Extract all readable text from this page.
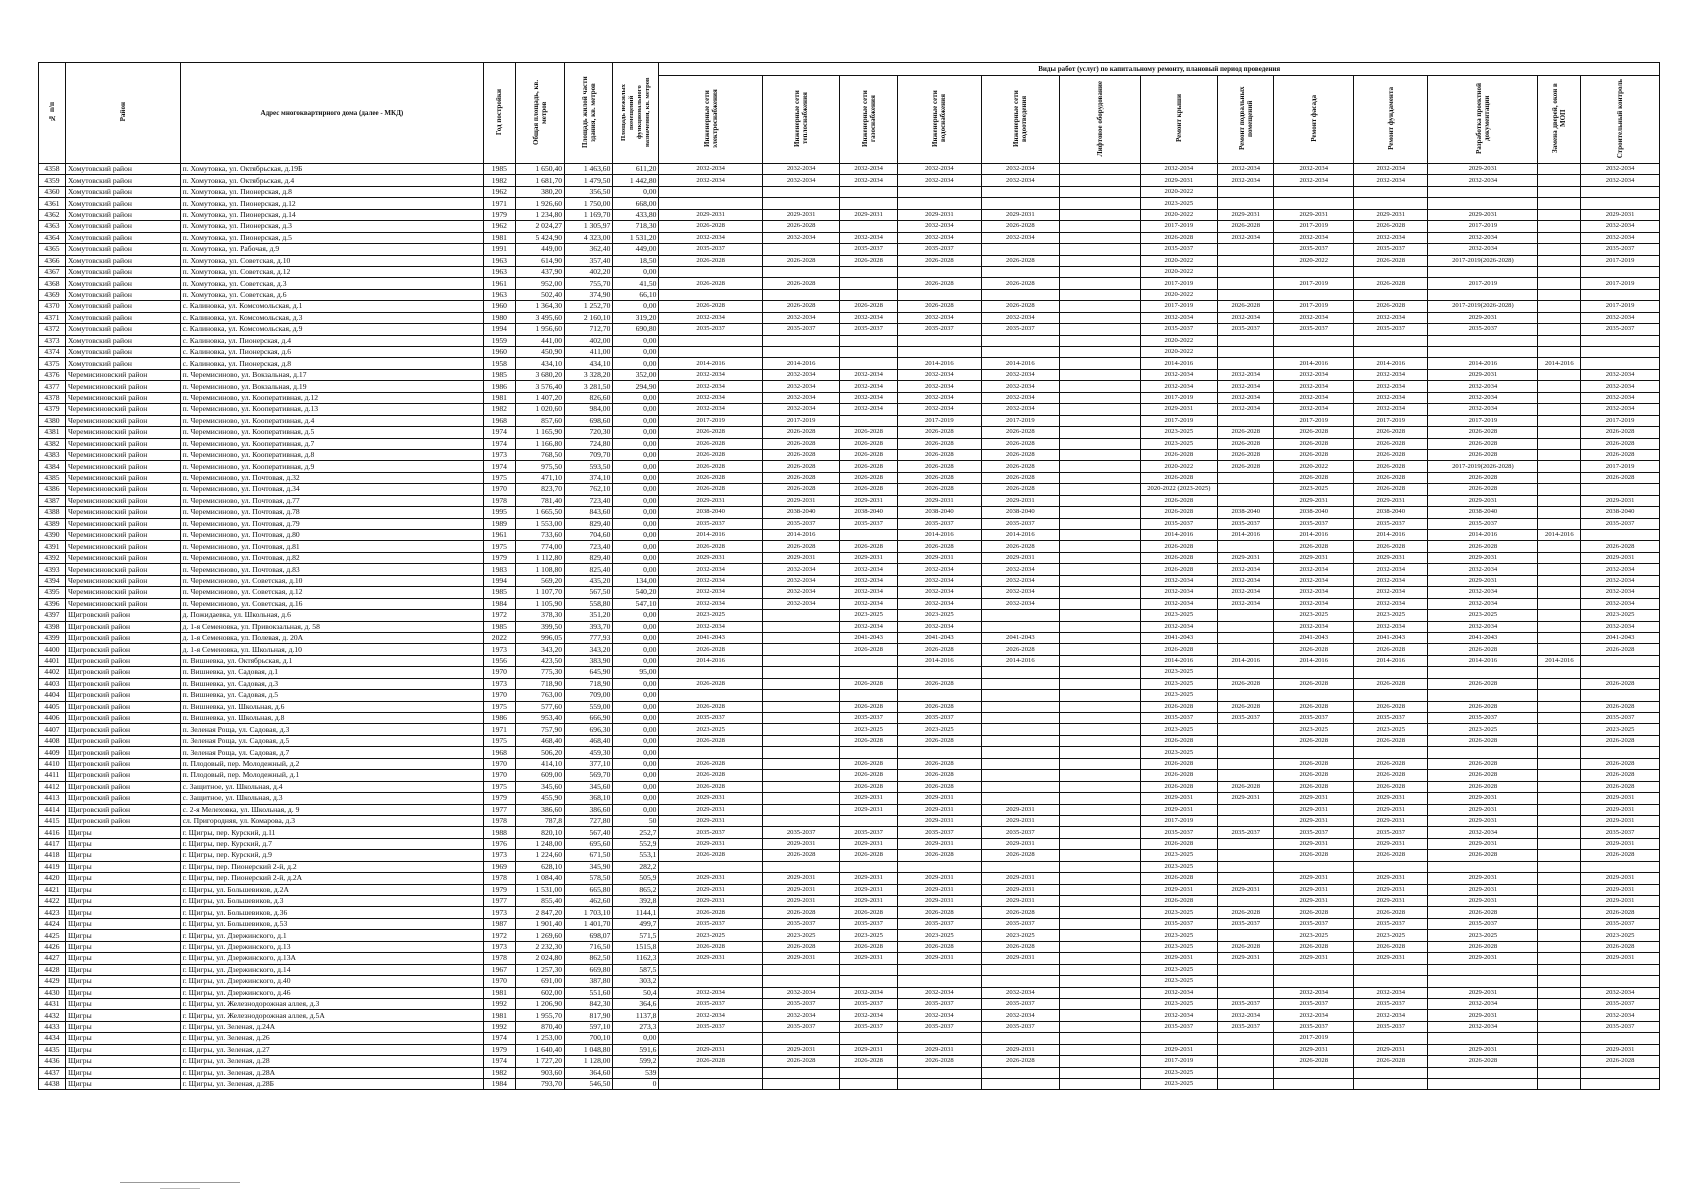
№ п/п	Район	Адрес многоквартирного дома (далее - МКД)	Год постройки	Общая площадь, кв. метров	Площадь жилой части здания, кв. метров	Площадь нежилых помещений функционального назначения, кв. метров	Виды работ (услуг) по капитальному ремонту, плановый период проведения												
							Инженерные сети электроснабжения	Инженерные сети теплоснабжения	Инженерные сети газоснабжения	Инженерные сети водоснабжения	Инженерные сети водоотведения	Лифтовое оборудование	Ремонт крыши	Ремонт подвальных помещений	Ремонт фасада	Ремонт фундамента	Разработка проектной документации	Замена дверей, окон в МОП	Строительный контроль
4358	Хомутовский район	п. Хомутовка, ул. Октябрьская, д.19Б	1985	1 650,40	1 463,60	611,20	2032-2034	2032-2034	2032-2034	2032-2034	2032-2034		2032-2034	2032-2034	2032-2034	2032-2034	2029-2031		2032-2034
4359	Хомутовский район	п. Хомутовка, ул. Октябрьская, д.4	1982	1 681,70	1 479,50	1 442,80	2032-2034	2032-2034	2032-2034	2032-2034	2032-2034		2029-2031	2032-2034	2032-2034	2032-2034	2032-2034		2032-2034
4360	Хомутовский район	п. Хомутовка, ул. Пионерская, д.8	1962	380,20	356,50	0,00							2020-2022						
4361	Хомутовский район	п. Хомутовка, ул. Пионерская, д.12	1971	1 926,60	1 750,00	668,00							2023-2025						
4362	Хомутовский район	п. Хомутовка, ул. Пионерская, д.14	1979	1 234,80	1 169,70	433,80	2029-2031	2029-2031	2029-2031	2029-2031	2029-2031		2020-2022	2029-2031	2029-2031	2029-2031	2029-2031		2029-2031
4363	Хомутовский район	п. Хомутовка, ул. Пионерская, д.3	1962	2 024,27	1 305,97	718,30	2026-2028	2026-2028		2032-2034	2026-2028		2017-2019	2026-2028	2017-2019	2026-2028	2017-2019		2032-2034
4364	Хомутовский район	п. Хомутовка, ул. Пионерская, д.5	1981	5 424,90	4 323,00	1 531,20	2032-2034	2032-2034	2032-2034	2032-2034	2032-2034		2026-2028	2032-2034	2032-2034	2032-2034	2032-2034		2032-2034
4365	Хомутовский район	п. Хомутовка, ул. Рабочая, д.9	1991	449,00	362,40	449,00	2035-2037		2035-2037	2035-2037			2035-2037		2035-2037	2035-2037	2032-2034		2035-2037
4366	Хомутовский район	п. Хомутовка, ул. Советская, д.10	1963	614,90	357,40	18,50	2026-2028	2026-2028	2026-2028	2026-2028	2026-2028		2020-2022		2020-2022	2026-2028	2017-2019(2026-2028)		2017-2019
4367	Хомутовский район	п. Хомутовка, ул. Советская, д.12	1963	437,90	402,20	0,00							2020-2022						
4368	Хомутовский район	п. Хомутовка, ул. Советская, д.3	1961	952,00	755,70	41,50	2026-2028	2026-2028		2026-2028	2026-2028		2017-2019		2017-2019	2026-2028	2017-2019		2017-2019
4369	Хомутовский район	п. Хомутовка, ул. Советская, д.6	1963	502,40	374,90	66,10							2020-2022						
4370	Хомутовский район	с. Калиновка, ул. Комсомольская, д.1	1960	1 364,30	1 252,70	0,00	2026-2028	2026-2028	2026-2028	2026-2028	2026-2028		2017-2019	2026-2028	2017-2019	2026-2028	2017-2019(2026-2028)		2017-2019
4371	Хомутовский район	с. Калиновка, ул. Комсомольская, д.3	1980	3 495,60	2 160,10	319,20	2032-2034	2032-2034	2032-2034	2032-2034	2032-2034		2032-2034	2032-2034	2032-2034	2032-2034	2029-2031		2032-2034
4372	Хомутовский район	с. Калиновка, ул. Комсомольская, д.9	1994	1 956,60	712,70	690,80	2035-2037	2035-2037	2035-2037	2035-2037	2035-2037		2035-2037	2035-2037	2035-2037	2035-2037	2035-2037		2035-2037
4373	Хомутовский район	с. Калиновка, ул. Пионерская, д.4	1959	441,00	402,00	0,00							2020-2022						
4374	Хомутовский район	с. Калиновка, ул. Пионерская, д.6	1960	450,90	411,00	0,00							2020-2022						
4375	Хомутовский район	с. Калиновка, ул. Пионерская, д.8	1958	434,10	434,10	0,00	2014-2016	2014-2016		2014-2016	2014-2016		2014-2016		2014-2016	2014-2016	2014-2016	2014-2016	
4376	Черемисиновский район	п. Черемисиново, ул. Вокзальная, д.17	1985	3 680,20	3 328,20	352,00	2032-2034	2032-2034	2032-2034	2032-2034	2032-2034		2032-2034	2032-2034	2032-2034	2032-2034	2029-2031		2032-2034
4377	Черемисиновский район	п. Черемисиново, ул. Вокзальная, д.19	1986	3 576,40	3 281,50	294,90	2032-2034	2032-2034	2032-2034	2032-2034	2032-2034		2032-2034	2032-2034	2032-2034	2032-2034	2032-2034		2032-2034
4378	Черемисиновский район	п. Черемисиново, ул. Кооперативная, д.12	1981	1 407,20	826,60	0,00	2032-2034	2032-2034	2032-2034	2032-2034	2032-2034		2017-2019	2032-2034	2032-2034	2032-2034	2032-2034		2032-2034
4379	Черемисиновский район	п. Черемисиново, ул. Кооперативная, д.13	1982	1 020,60	984,00	0,00	2032-2034	2032-2034	2032-2034	2032-2034	2032-2034		2029-2031	2032-2034	2032-2034	2032-2034	2032-2034		2032-2034
4380	Черемисиновский район	п. Черемисиново, ул. Кооперативная, д.4	1968	857,60	698,60	0,00	2017-2019	2017-2019		2017-2019	2017-2019		2017-2019		2017-2019	2017-2019	2017-2019		2017-2019
4381	Черемисиновский район	п. Черемисиново, ул. Кооперативная, д.5	1974	1 165,90	720,30	0,00	2026-2028	2026-2028	2026-2028	2026-2028	2026-2028		2023-2025	2026-2028	2026-2028	2026-2028	2026-2028		2026-2028
4382	Черемисиновский район	п. Черемисиново, ул. Кооперативная, д.7	1974	1 166,80	724,80	0,00	2026-2028	2026-2028	2026-2028	2026-2028	2026-2028		2023-2025	2026-2028	2026-2028	2026-2028	2026-2028		2026-2028
4383	Черемисиновский район	п. Черемисиново, ул. Кооперативная, д.8	1973	768,50	709,70	0,00	2026-2028	2026-2028	2026-2028	2026-2028	2026-2028		2026-2028	2026-2028	2026-2028	2026-2028	2026-2028		2026-2028
4384	Черемисиновский район	п. Черемисиново, ул. Кооперативная, д.9	1974	975,50	593,50	0,00	2026-2028	2026-2028	2026-2028	2026-2028	2026-2028		2020-2022	2026-2028	2020-2022	2026-2028	2017-2019(2026-2028)		2017-2019
4385	Черемисиновский район	п. Черемисиново, ул. Почтовая, д.32	1975	471,10	374,10	0,00	2026-2028	2026-2028	2026-2028	2026-2028	2026-2028		2026-2028		2026-2028	2026-2028	2026-2028		2026-2028
4386	Черемисиновский район	п. Черемисиново, ул. Почтовая, д.34	1970	823,70	762,10	0,00	2026-2028	2026-2028	2026-2028	2026-2028	2026-2028		2020-2022 (2023-2025)		2023-2025	2026-2028	2026-2028		
4387	Черемисиновский район	п. Черемисиново, ул. Почтовая, д.77	1978	781,40	723,40	0,00	2029-2031	2029-2031	2029-2031	2029-2031	2029-2031		2026-2028		2029-2031	2029-2031	2029-2031		2029-2031
4388	Черемисиновский район	п. Черемисиново, ул. Почтовая, д.78	1995	1 665,50	843,60	0,00	2038-2040	2038-2040	2038-2040	2038-2040	2038-2040		2026-2028	2038-2040	2038-2040	2038-2040	2038-2040		2038-2040
4389	Черемисиновский район	п. Черемисиново, ул. Почтовая, д.79	1989	1 553,00	829,40	0,00	2035-2037	2035-2037	2035-2037	2035-2037	2035-2037		2035-2037	2035-2037	2035-2037	2035-2037	2035-2037		2035-2037
4390	Черемисиновский район	п. Черемисиново, ул. Почтовая, д.80	1961	733,60	704,60	0,00	2014-2016	2014-2016		2014-2016	2014-2016		2014-2016	2014-2016	2014-2016	2014-2016	2014-2016	2014-2016	
4391	Черемисиновский район	п. Черемисиново, ул. Почтовая, д.81	1975	774,00	723,40	0,00	2026-2028	2026-2028	2026-2028	2026-2028	2026-2028		2026-2028		2026-2028	2026-2028	2026-2028		2026-2028
4392	Черемисиновский район	п. Черемисиново, ул. Почтовая, д.82	1979	1 112,80	829,40	0,00	2029-2031	2029-2031	2029-2031	2029-2031	2029-2031		2026-2028	2029-2031	2029-2031	2029-2031	2029-2031		2029-2031
4393	Черемисиновский район	п. Черемисиново, ул. Почтовая, д.83	1983	1 108,80	825,40	0,00	2032-2034	2032-2034	2032-2034	2032-2034	2032-2034		2026-2028	2032-2034	2032-2034	2032-2034	2032-2034		2032-2034
4394	Черемисиновский район	п. Черемисиново, ул. Советская, д.10	1994	569,20	435,20	134,00	2032-2034	2032-2034	2032-2034	2032-2034	2032-2034		2032-2034	2032-2034	2032-2034	2032-2034	2029-2031		2032-2034
4395	Черемисиновский район	п. Черемисиново, ул. Советская, д.12	1985	1 107,70	567,50	540,20	2032-2034	2032-2034	2032-2034	2032-2034	2032-2034		2032-2034	2032-2034	2032-2034	2032-2034	2032-2034		2032-2034
4396	Черемисиновский район	п. Черемисиново, ул. Советская, д.16	1984	1 105,90	558,80	547,10	2032-2034	2032-2034	2032-2034	2032-2034	2032-2034		2032-2034	2032-2034	2032-2034	2032-2034	2032-2034		2032-2034
4397	Щигровский район	д. Пожидаевка, ул. Школьная, д.6	1972	378,30	351,20	0,00	2023-2025		2023-2025	2023-2025			2023-2025		2023-2025	2023-2025	2023-2025		2023-2025
4398	Щигровский район	д. 1-я Семеновка, ул. Привокзальная, д. 58	1985	399,50	393,70	0,00	2032-2034		2032-2034	2032-2034			2032-2034		2032-2034	2032-2034	2032-2034		2032-2034
4399	Щигровский район	д. 1-я Семеновка, ул. Полевая, д. 20А	2022	996,05	777,93	0,00	2041-2043		2041-2043	2041-2043	2041-2043		2041-2043		2041-2043	2041-2043	2041-2043		2041-2043
4400	Щигровский район	д. 1-я Семеновка, ул. Школьная, д.10	1973	343,20	343,20	0,00	2026-2028		2026-2028	2026-2028	2026-2028		2026-2028		2026-2028	2026-2028	2026-2028		2026-2028
4401	Щигровский район	п. Вишневка, ул. Октябрьская, д.1	1956	423,50	383,90	0,00	2014-2016			2014-2016	2014-2016		2014-2016	2014-2016	2014-2016	2014-2016	2014-2016	2014-2016	
4402	Щигровский район	п. Вишневка, ул. Садовая, д.1	1970	775,30	645,90	95,00							2023-2025						
4403	Щигровский район	п. Вишневка, ул. Садовая, д.3	1973	718,90	718,90	0,00	2026-2028		2026-2028	2026-2028			2023-2025	2026-2028	2026-2028	2026-2028	2026-2028		2026-2028
4404	Щигровский район	п. Вишневка, ул. Садовая, д.5	1970	763,00	709,00	0,00							2023-2025						
4405	Щигровский район	п. Вишневка, ул. Школьная, д.6	1975	577,60	559,00	0,00	2026-2028		2026-2028	2026-2028			2026-2028	2026-2028	2026-2028	2026-2028	2026-2028		2026-2028
4406	Щигровский район	п. Вишневка, ул. Школьная, д.8	1986	953,40	666,90	0,00	2035-2037		2035-2037	2035-2037			2035-2037	2035-2037	2035-2037	2035-2037	2035-2037		2035-2037
4407	Щигровский район	п. Зеленая Роща, ул. Садовая, д.3	1971	757,90	696,30	0,00	2023-2025		2023-2025	2023-2025			2023-2025		2023-2025	2023-2025	2023-2025		2023-2025
4408	Щигровский район	п. Зеленая Роща, ул. Садовая, д.5	1975	468,40	468,40	0,00	2026-2028		2026-2028	2026-2028			2026-2028		2026-2028	2026-2028	2026-2028		2026-2028
4409	Щигровский район	п. Зеленая Роща, ул. Садовая, д.7	1968	506,20	459,30	0,00							2023-2025						
4410	Щигровский район	п. Плодовый, пер. Молодежный, д.2	1970	414,10	377,10	0,00	2026-2028		2026-2028	2026-2028			2026-2028		2026-2028	2026-2028	2026-2028		2026-2028
4411	Щигровский район	п. Плодовый, пер. Молодежный, д.1	1970	609,00	569,70	0,00	2026-2028		2026-2028	2026-2028			2026-2028		2026-2028	2026-2028	2026-2028		2026-2028
4412	Щигровский район	с. Защитное, ул. Школьная, д.4	1975	345,60	345,60	0,00	2026-2028		2026-2028	2026-2028			2026-2028	2026-2028	2026-2028	2026-2028	2026-2028		2026-2028
4413	Щигровский район	с. Защитное, ул. Школьная, д.3	1979	455,90	368,10	0,00	2029-2031		2029-2031	2029-2031			2029-2031	2029-2031	2029-2031	2029-2031	2029-2031		2029-2031
4414	Щигровский район	с. 2-я Мелеховка, ул. Школьная, д. 9	1977	386,60	386,60	0,00	2029-2031		2029-2031	2029-2031	2029-2031		2029-2031		2029-2031	2029-2031	2029-2031		2029-2031
4415	Щигровский район	сл. Пригородняя, ул. Комарова, д.3	1978	787,8	727,80	50	2029-2031			2029-2031	2029-2031		2017-2019		2029-2031	2029-2031	2029-2031		2029-2031
4416	Щигры	г. Щигры, пер. Курский, д.11	1988	820,10	567,40	252,7	2035-2037	2035-2037	2035-2037	2035-2037	2035-2037		2035-2037	2035-2037	2035-2037	2035-2037	2032-2034		2035-2037
4417	Щигры	г. Щигры, пер. Курский, д.7	1976	1 248,00	695,60	552,9	2029-2031	2029-2031	2029-2031	2029-2031	2029-2031		2026-2028		2029-2031	2029-2031	2029-2031		2029-2031
4418	Щигры	г. Щигры, пер. Курский, д.9	1973	1 224,60	671,50	553,1	2026-2028	2026-2028	2026-2028	2026-2028	2026-2028		2023-2025		2026-2028	2026-2028	2026-2028		2026-2028
4419	Щигры	г. Щигры, пер. Пионерский 2-й, д.2	1969	628,10	345,90	282,2							2023-2025						
4420	Щигры	г. Щигры, пер. Пионерский 2-й, д.2А	1978	1 084,40	578,50	505,9	2029-2031	2029-2031	2029-2031	2029-2031	2029-2031		2026-2028		2029-2031	2029-2031	2029-2031		2029-2031
4421	Щигры	г. Щигры, ул. Большевиков, д.2А	1979	1 531,00	665,80	865,2	2029-2031	2029-2031	2029-2031	2029-2031	2029-2031		2029-2031	2029-2031	2029-2031	2029-2031	2029-2031		2029-2031
4422	Щигры	г. Щигры, ул. Большевиков, д.3	1977	855,40	462,60	392,8	2029-2031	2029-2031	2029-2031	2029-2031	2029-2031		2026-2028		2029-2031	2029-2031	2029-2031		2029-2031
4423	Щигры	г. Щигры, ул. Большевиков, д.36	1973	2 847,20	1 703,10	1144,1	2026-2028	2026-2028	2026-2028	2026-2028	2026-2028		2023-2025	2026-2028	2026-2028	2026-2028	2026-2028		2026-2028
4424	Щигры	г. Щигры, ул. Большевиков, д.53	1987	1 901,40	1 401,70	499,7	2035-2037	2035-2037	2035-2037	2035-2037	2035-2037		2035-2037	2035-2037	2035-2037	2035-2037	2035-2037		2035-2037
4425	Щигры	г. Щигры, ул. Дзержинского, д.1	1972	1 269,60	698,07	571,5	2023-2025	2023-2025	2023-2025	2023-2025	2023-2025		2023-2025		2023-2025	2023-2025	2023-2025		2023-2025
4426	Щигры	г. Щигры, ул. Дзержинского, д.13	1973	2 232,30	716,50	1515,8	2026-2028	2026-2028	2026-2028	2026-2028	2026-2028		2023-2025	2026-2028	2026-2028	2026-2028	2026-2028		2026-2028
4427	Щигры	г. Щигры, ул. Дзержинского, д.13А	1978	2 024,80	862,50	1162,3	2029-2031	2029-2031	2029-2031	2029-2031	2029-2031		2029-2031	2029-2031	2029-2031	2029-2031	2029-2031		2029-2031
4428	Щигры	г. Щигры, ул. Дзержинского, д.14	1967	1 257,30	669,80	587,5							2023-2025						
4429	Щигры	г. Щигры, ул. Дзержинского, д.40	1970	691,00	387,80	303,2							2023-2025						
4430	Щигры	г. Щигры, ул. Дзержинского, д.46	1981	602,00	551,60	50,4	2032-2034	2032-2034	2032-2034	2032-2034	2032-2034		2032-2034		2032-2034	2032-2034	2029-2031		2032-2034
4431	Щигры	г. Щигры, ул. Железнодорожная аллея, д.3	1992	1 206,90	842,30	364,6	2035-2037	2035-2037	2035-2037	2035-2037	2035-2037		2023-2025	2035-2037	2035-2037	2035-2037	2032-2034		2035-2037
4432	Щигры	г. Щигры, ул. Железнодорожная аллея, д.5А	1981	1 955,70	817,90	1137,8	2032-2034	2032-2034	2032-2034	2032-2034	2032-2034		2032-2034	2032-2034	2032-2034	2032-2034	2029-2031		2032-2034
4433	Щигры	г. Щигры, ул. Зеленая, д.24А	1992	870,40	597,10	273,3	2035-2037	2035-2037	2035-2037	2035-2037	2035-2037		2035-2037	2035-2037	2035-2037	2035-2037	2032-2034		2035-2037
4434	Щигры	г. Щигры, ул. Зеленая, д.26	1974	1 253,00	700,10	0,00									2017-2019				
4435	Щигры	г. Щигры, ул. Зеленая, д.27	1979	1 640,40	1 048,80	591,6	2029-2031	2029-2031	2029-2031	2029-2031	2029-2031		2029-2031		2029-2031	2029-2031	2029-2031		2029-2031
4436	Щигры	г. Щигры, ул. Зеленая, д.28	1974	1 727,20	1 128,00	599,2	2026-2028	2026-2028	2026-2028	2026-2028	2026-2028		2017-2019		2026-2028	2026-2028	2026-2028		2026-2028
4437	Щигры	г. Щигры, ул. Зеленая, д.28А	1982	903,60	364,60	539							2023-2025						
4438	Щигры	г. Щигры, ул. Зеленая, д.28Б	1984	793,70	546,50	0							2023-2025						
